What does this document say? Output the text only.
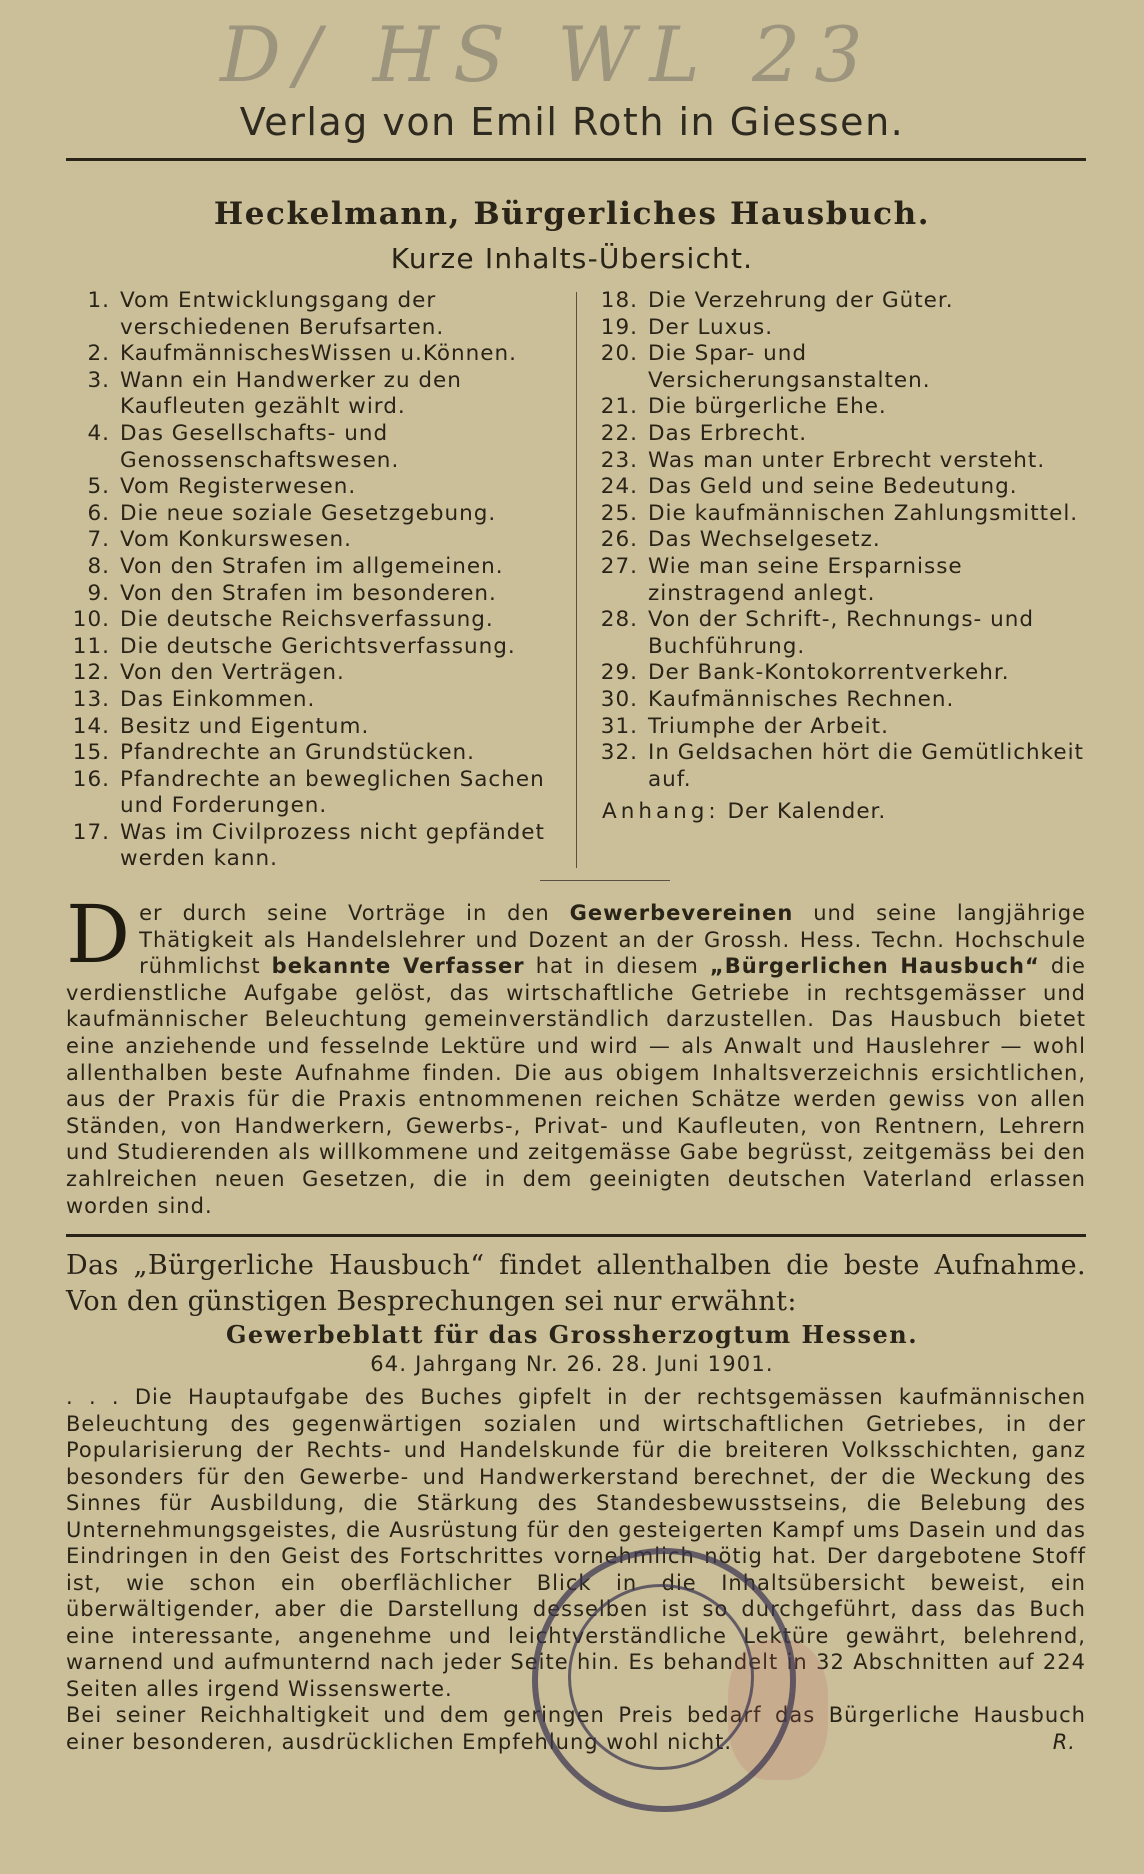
D/ HS WL 23
Verlag von Emil Roth in Giessen.
Heckelmann, Bürgerliches Hausbuch.
Kurze Inhalts-Übersicht.
1. Vom Entwicklungsgang der verschiedenen Berufsarten.
2. KaufmännischesWissen u.Können.
3. Wann ein Handwerker zu den Kaufleuten gezählt wird.
4. Das Gesellschafts- und Genossenschaftswesen.
5. Vom Registerwesen.
6. Die neue soziale Gesetzgebung.
7. Vom Konkurswesen.
8. Von den Strafen im allgemeinen.
9. Von den Strafen im besonderen.
10. Die deutsche Reichsverfassung.
11. Die deutsche Gerichtsverfassung.
12. Von den Verträgen.
13. Das Einkommen.
14. Besitz und Eigentum.
15. Pfandrechte an Grundstücken.
16. Pfandrechte an beweglichen Sachen und Forderungen.
17. Was im Civilprozess nicht gepfändet werden kann.
18. Die Verzehrung der Güter.
19. Der Luxus.
20. Die Spar- und Versicherungsanstalten.
21. Die bürgerliche Ehe.
22. Das Erbrecht.
23. Was man unter Erbrecht versteht.
24. Das Geld und seine Bedeutung.
25. Die kaufmännischen Zahlungsmittel.
26. Das Wechselgesetz.
27. Wie man seine Ersparnisse zinstragend anlegt.
28. Von der Schrift-, Rechnungs- und Buchführung.
29. Der Bank-Kontokorrentverkehr.
30. Kaufmännisches Rechnen.
31. Triumphe der Arbeit.
32. In Geldsachen hört die Gemütlichkeit auf.
Anhang: Der Kalender.
D er durch seine Vorträge in den Gewerbevereinen und seine langjährige Thätigkeit als Handelslehrer und Dozent an der Grossh. Hess. Techn. Hochschule rühmlichst bekannte Verfasser hat in diesem „Bürgerlichen Hausbuch“ die verdienstliche Aufgabe gelöst, das wirtschaftliche Getriebe in rechtsgemässer und kaufmännischer Beleuchtung gemeinverständlich darzustellen. Das Hausbuch bietet eine anziehende und fesselnde Lektüre und wird — als Anwalt und Hauslehrer — wohl allenthalben beste Aufnahme finden. Die aus obigem Inhaltsverzeichnis ersichtlichen, aus der Praxis für die Praxis entnommenen reichen Schätze werden gewiss von allen Ständen, von Handwerkern, Gewerbs-, Privat- und Kaufleuten, von Rentnern, Lehrern und Studierenden als willkommene und zeitgemässe Gabe begrüsst, zeitgemäss bei den zahlreichen neuen Gesetzen, die in dem geeinigten deutschen Vaterland erlassen worden sind.
Das „Bürgerliche Hausbuch“ findet allenthalben die beste Aufnahme. Von den günstigen Besprechungen sei nur erwähnt:
Gewerbeblatt für das Grossherzogtum Hessen.
64. Jahrgang Nr. 26. 28. Juni 1901.

. . . Die Hauptaufgabe des Buches gipfelt in der rechtsgemässen kaufmännischen Beleuchtung des gegenwärtigen sozialen und wirtschaftlichen Getriebes, in der Popularisierung der Rechts- und Handelskunde für die breiteren Volksschichten, ganz besonders für den Gewerbe- und Handwerkerstand berechnet, der die Weckung des Sinnes für Ausbildung, die Stärkung des Standesbewusstseins, die Belebung des Unternehmungsgeistes, die Ausrüstung für den gesteigerten Kampf ums Dasein und das Eindringen in den Geist des Fortschrittes vornehmlich nötig hat. Der dargebotene Stoff ist, wie schon ein oberflächlicher Blick in die Inhaltsübersicht beweist, ein überwältigender, aber die Darstellung desselben ist so durchgeführt, dass das Buch eine interessante, angenehme und leichtverständliche Lektüre gewährt, belehrend, warnend und aufmunternd nach jeder Seite hin. Es behandelt in 32 Abschnitten auf 224 Seiten alles irgend Wissenswerte.

Bei seiner Reichhaltigkeit und dem geringen Preis bedarf das Bürgerliche Hausbuch einer besonderen, ausdrücklichen Empfehlung wohl nicht.	R.
